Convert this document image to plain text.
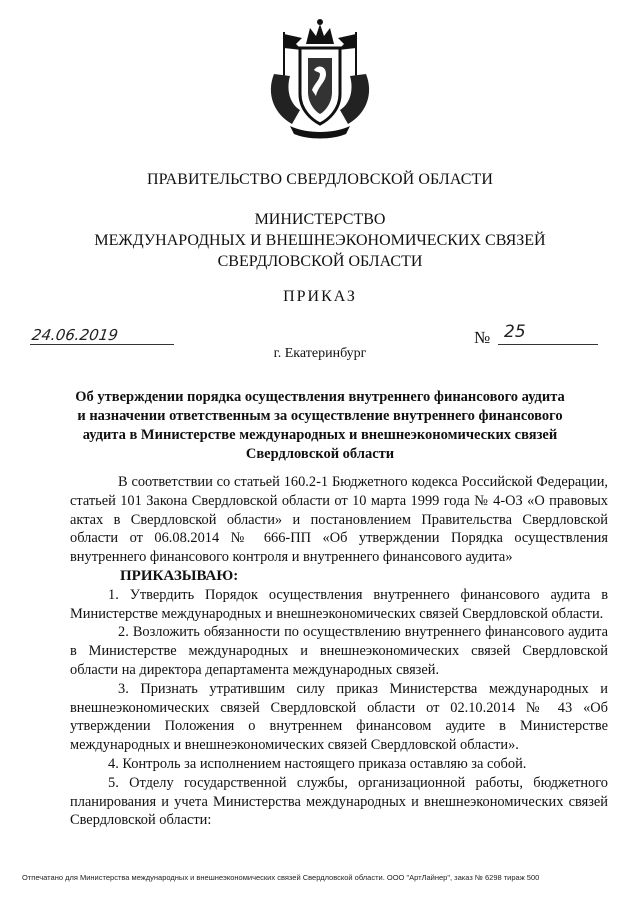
ПРАВИТЕЛЬСТВО СВЕРДЛОВСКОЙ ОБЛАСТИ
МИНИСТЕРСТВО
МЕЖДУНАРОДНЫХ И ВНЕШНЕЭКОНОМИЧЕСКИХ СВЯЗЕЙ
СВЕРДЛОВСКОЙ ОБЛАСТИ
ПРИКАЗ
24.06.2019	№ 25
г. Екатеринбург
Об утверждении порядка осуществления внутреннего финансового аудита
и назначении ответственным за осуществление внутреннего финансового
аудита в Министерстве международных и внешнеэкономических связей
Свердловской области

В соответствии со статьей 160.2-1 Бюджетного кодекса Российской Федерации, статьей 101 Закона Свердловской области от 10 марта 1999 года № 4-ОЗ «О правовых актах в Свердловской области» и постановлением Правительства Свердловской области от 06.08.2014 № 666-ПП «Об утверждении Порядка осуществления внутреннего финансового контроля и внутреннего финансового аудита»

ПРИКАЗЫВАЮ:

1. Утвердить Порядок осуществления внутреннего финансового аудита в Министерстве международных и внешнеэкономических связей Свердловской области.

2. Возложить обязанности по осуществлению внутреннего финансового аудита в Министерстве международных и внешнеэкономических связей Свердловской области на директора департамента международных связей.

3. Признать утратившим силу приказ Министерства международных и внешнеэкономических связей Свердловской области от 02.10.2014 № 43 «Об утверждении Положения о внутреннем финансовом аудите в Министерстве международных и внешнеэкономических связей Свердловской области».

4. Контроль за исполнением настоящего приказа оставляю за собой.

5. Отделу государственной службы, организационной работы, бюджетного планирования и учета Министерства международных и внешнеэкономических связей Свердловской области:

Отпечатано для Министерства международных и внешнеэкономических связей Свердловской области. ООО "АртЛайнер", заказ № 6298 тираж 500
